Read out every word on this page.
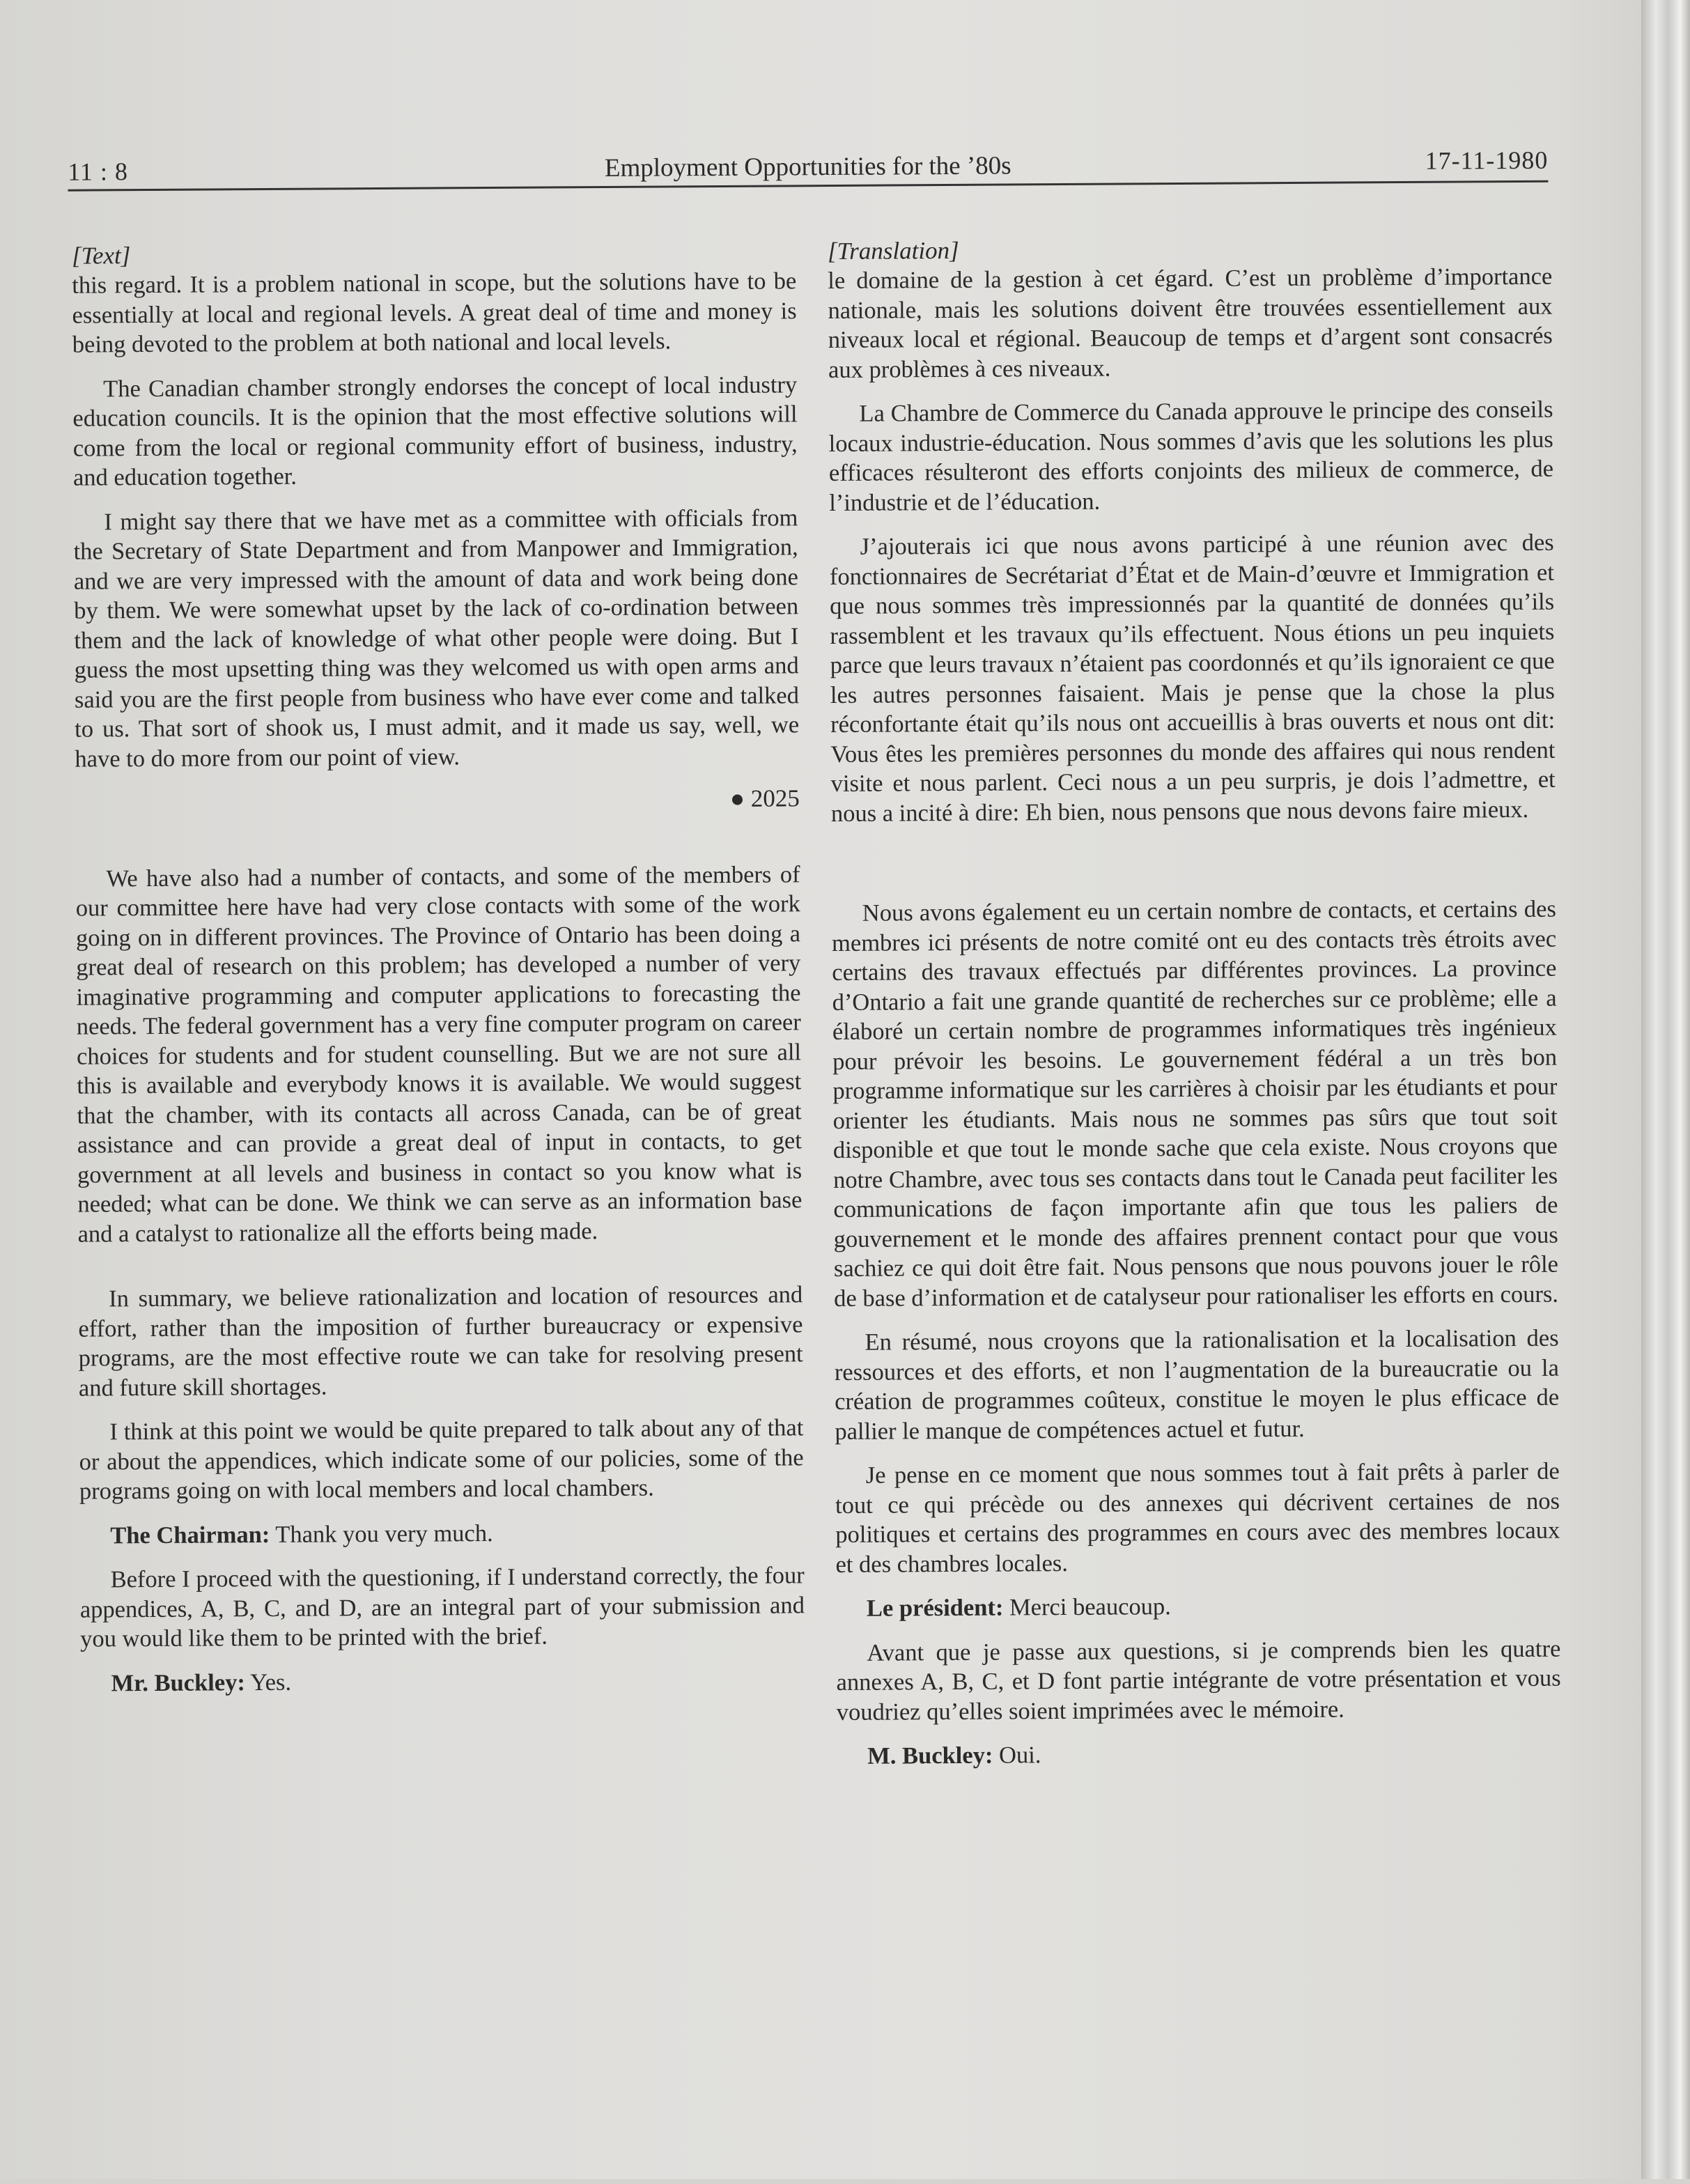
11 : 8	Employment Opportunities for the ’80s	17-11-1980
[Text]

this regard. It is a problem national in scope, but the solutions have to be essentially at local and regional levels. A great deal of time and money is being devoted to the problem at both national and local levels.

The Canadian chamber strongly endorses the concept of local industry education councils. It is the opinion that the most effective solutions will come from the local or regional community effort of business, industry, and education together.

I might say there that we have met as a committee with officials from the Secretary of State Department and from Manpower and Immigration, and we are very impressed with the amount of data and work being done by them. We were somewhat upset by the lack of co-ordination between them and the lack of knowledge of what other people were doing. But I guess the most upsetting thing was they welcomed us with open arms and said you are the first people from business who have ever come and talked to us. That sort of shook us, I must admit, and it made us say, well, we have to do more from our point of view.

● 2025

We have also had a number of contacts, and some of the members of our committee here have had very close contacts with some of the work going on in different provinces. The Province of Ontario has been doing a great deal of research on this problem; has developed a number of very imaginative programming and computer applications to forecasting the needs. The federal government has a very fine computer program on career choices for students and for student counselling. But we are not sure all this is available and everybody knows it is available. We would suggest that the chamber, with its contacts all across Canada, can be of great assistance and can provide a great deal of input in contacts, to get government at all levels and business in contact so you know what is needed; what can be done. We think we can serve as an information base and a catalyst to rationalize all the efforts being made.

In summary, we believe rationalization and location of resources and effort, rather than the imposition of further bureaucracy or expensive programs, are the most effective route we can take for resolving present and future skill shortages.

I think at this point we would be quite prepared to talk about any of that or about the appendices, which indicate some of our policies, some of the programs going on with local members and local chambers.

The Chairman: Thank you very much.

Before I proceed with the questioning, if I understand correctly, the four appendices, A, B, C, and D, are an integral part of your submission and you would like them to be printed with the brief.

Mr. Buckley: Yes.

[Translation]

le domaine de la gestion à cet égard. C’est un problème d’importance nationale, mais les solutions doivent être trouvées essentiellement aux niveaux local et régional. Beaucoup de temps et d’argent sont consacrés aux problèmes à ces niveaux.

La Chambre de Commerce du Canada approuve le principe des conseils locaux industrie-éducation. Nous sommes d’avis que les solutions les plus efficaces résulteront des efforts conjoints des milieux de commerce, de l’industrie et de l’éducation.

J’ajouterais ici que nous avons participé à une réunion avec des fonctionnaires de Secrétariat d’État et de Main-d’œuvre et Immigration et que nous sommes très impressionnés par la quantité de données qu’ils rassemblent et les travaux qu’ils effectuent. Nous étions un peu inquiets parce que leurs travaux n’étaient pas coordonnés et qu’ils ignoraient ce que les autres personnes faisaient. Mais je pense que la chose la plus réconfortante était qu’ils nous ont accueillis à bras ouverts et nous ont dit: Vous êtes les premières personnes du monde des affaires qui nous rendent visite et nous parlent. Ceci nous a un peu surpris, je dois l’admettre, et nous a incité à dire: Eh bien, nous pensons que nous devons faire mieux.

Nous avons également eu un certain nombre de contacts, et certains des membres ici présents de notre comité ont eu des contacts très étroits avec certains des travaux effectués par différentes provinces. La province d’Ontario a fait une grande quantité de recherches sur ce problème; elle a élaboré un certain nombre de programmes informatiques très ingénieux pour prévoir les besoins. Le gouvernement fédéral a un très bon programme informatique sur les carrières à choisir par les étudiants et pour orienter les étudiants. Mais nous ne sommes pas sûrs que tout soit disponible et que tout le monde sache que cela existe. Nous croyons que notre Chambre, avec tous ses contacts dans tout le Canada peut faciliter les communications de façon importante afin que tous les paliers de gouvernement et le monde des affaires prennent contact pour que vous sachiez ce qui doit être fait. Nous pensons que nous pouvons jouer le rôle de base d’information et de catalyseur pour rationaliser les efforts en cours.

En résumé, nous croyons que la rationalisation et la localisation des ressources et des efforts, et non l’augmentation de la bureaucratie ou la création de programmes coûteux, constitue le moyen le plus efficace de pallier le manque de compétences actuel et futur.

Je pense en ce moment que nous sommes tout à fait prêts à parler de tout ce qui précède ou des annexes qui décrivent certaines de nos politiques et certains des programmes en cours avec des membres locaux et des chambres locales.

Le président: Merci beaucoup.

Avant que je passe aux questions, si je comprends bien les quatre annexes A, B, C, et D font partie intégrante de votre présentation et vous voudriez qu’elles soient imprimées avec le mémoire.

M. Buckley: Oui.
